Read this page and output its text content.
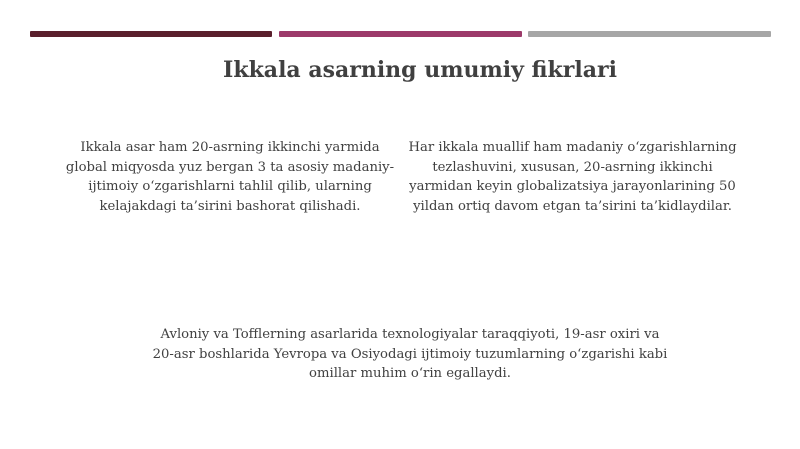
Ikkala asarning umumiy fikrlari
Ikkala asar ham 20-asrning ikkinchi yarmida global miqyosda yuz bergan 3 ta asosiy madaniy-ijtimoiy o‘zgarishlarni tahlil qilib, ularning kelajakdagi ta’sirini bashorat qilishadi.
Har ikkala muallif ham madaniy o‘zgarishlarning tezlashuvini, xususan, 20-asrning ikkinchi yarmidan keyin globalizatsiya jarayonlarining 50 yildan ortiq davom etgan ta’sirini ta’kidlaydilar.
Avloniy va Tofflerning asarlarida texnologiyalar taraqqiyoti, 19-asr oxiri va 20-asr boshlarida Yevropa va Osiyodagi ijtimoiy tuzumlarning o‘zgarishi kabi omillar muhim o‘rin egallaydi.
